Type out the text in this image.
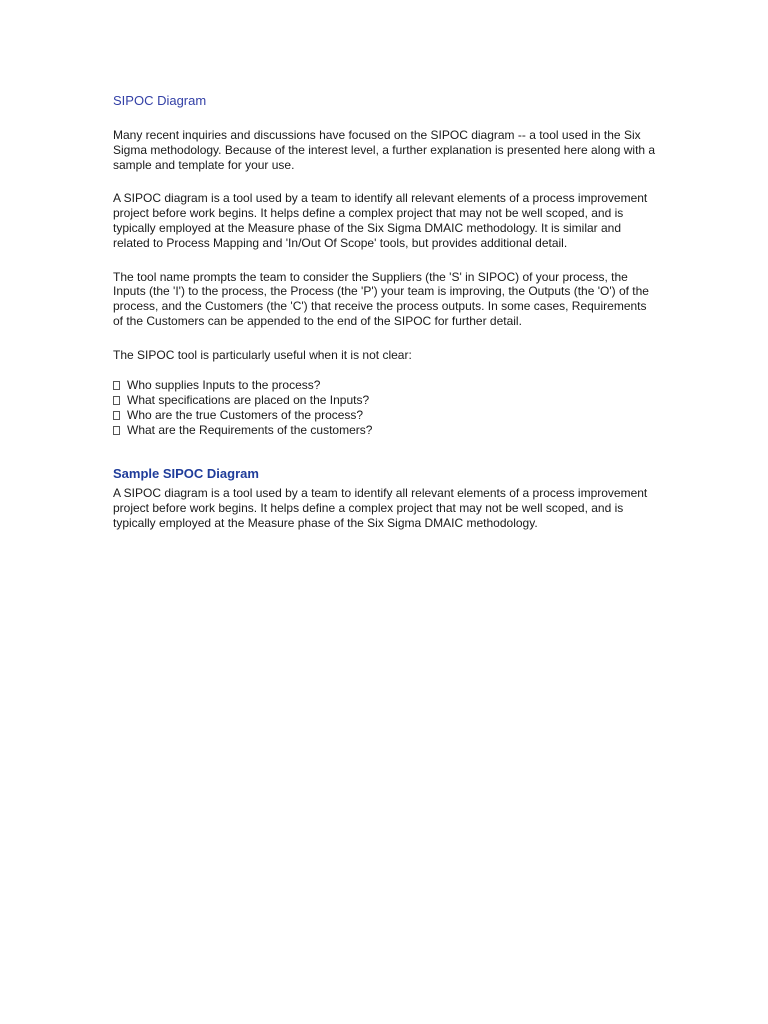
SIPOC Diagram

Many recent inquiries and discussions have focused on the SIPOC diagram -- a tool used in the Six Sigma methodology. Because of the interest level, a further explanation is presented here along with a sample and template for your use.

A SIPOC diagram is a tool used by a team to identify all relevant elements of a process improvement project before work begins. It helps define a complex project that may not be well scoped, and is typically employed at the Measure phase of the Six Sigma DMAIC methodology. It is similar and related to Process Mapping and 'In/Out Of Scope' tools, but provides additional detail.

The tool name prompts the team to consider the Suppliers (the 'S' in SIPOC) of your process, the Inputs (the 'I') to the process, the Process (the 'P') your team is improving, the Outputs (the 'O') of the process, and the Customers (the 'C') that receive the process outputs. In some cases, Requirements of the Customers can be appended to the end of the SIPOC for further detail.

The SIPOC tool is particularly useful when it is not clear:

Who supplies Inputs to the process?
What specifications are placed on the Inputs?
Who are the true Customers of the process?
What are the Requirements of the customers?
Sample SIPOC Diagram

A SIPOC diagram is a tool used by a team to identify all relevant elements of a process improvement project before work begins. It helps define a complex project that may not be well scoped, and is typically employed at the Measure phase of the Six Sigma DMAIC methodology.
